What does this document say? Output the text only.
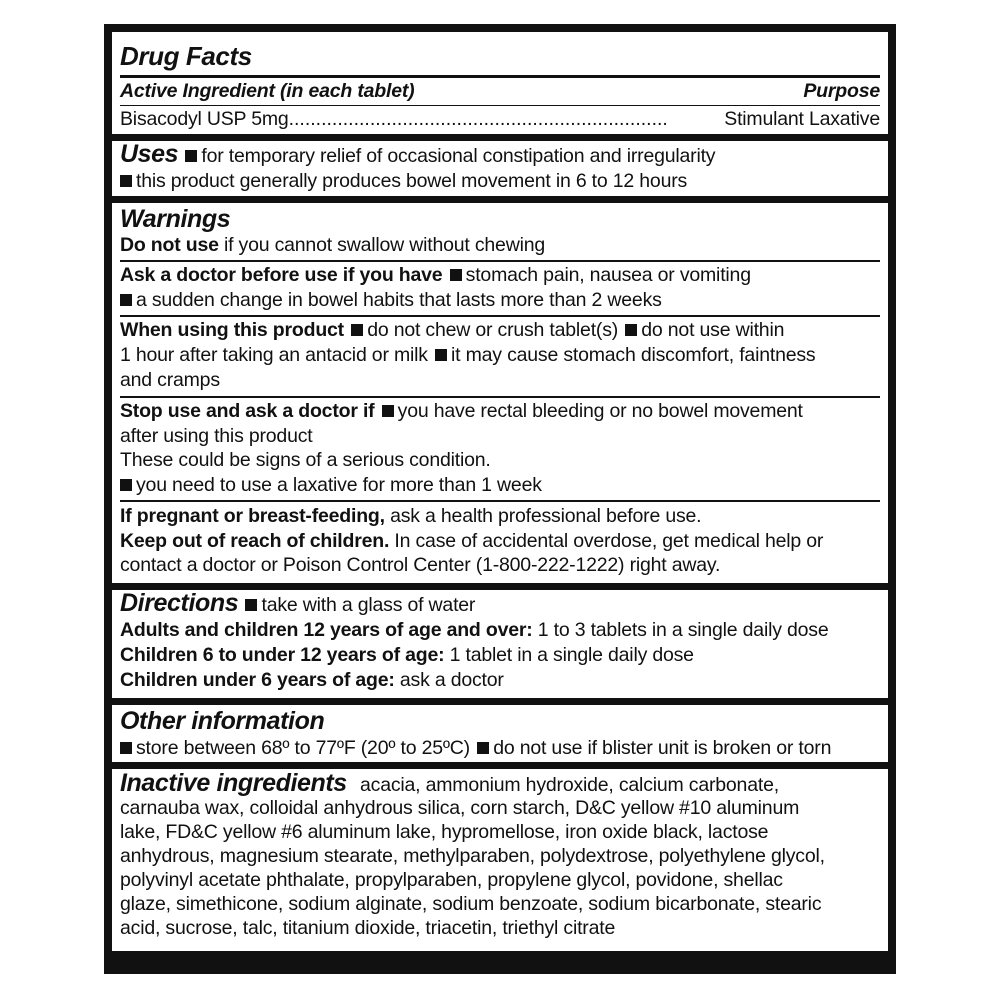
Drug Facts
Active Ingredient (in each tablet)	Purpose
Bisacodyl USP 5mg......................................................................	Stimulant Laxative
Uses for temporary relief of occasional constipation and irregularity
this product generally produces bowel movement in 6 to 12 hours
Warnings
Do not use if you cannot swallow without chewing
Ask a doctor before use if you have stomach pain, nausea or vomiting
a sudden change in bowel habits that lasts more than 2 weeks
When using this product do not chew or crush tablet(s) do not use within
1 hour after taking an antacid or milk it may cause stomach discomfort, faintness
and cramps
Stop use and ask a doctor if you have rectal bleeding or no bowel movement
after using this product
These could be signs of a serious condition.
you need to use a laxative for more than 1 week
If pregnant or breast-feeding, ask a health professional before use.
Keep out of reach of children. In case of accidental overdose, get medical help or
contact a doctor or Poison Control Center (1-800-222-1222) right away.
Directions take with a glass of water
Adults and children 12 years of age and over: 1 to 3 tablets in a single daily dose
Children 6 to under 12 years of age: 1 tablet in a single daily dose
Children under 6 years of age: ask a doctor
Other information
store between 68º to 77ºF (20º to 25ºC) do not use if blister unit is broken or torn
Inactive ingredients acacia, ammonium hydroxide, calcium carbonate,
carnauba wax, colloidal anhydrous silica, corn starch, D&C yellow #10 aluminum
lake, FD&C yellow #6 aluminum lake, hypromellose, iron oxide black, lactose
anhydrous, magnesium stearate, methylparaben, polydextrose, polyethylene glycol,
polyvinyl acetate phthalate, propylparaben, propylene glycol, povidone, shellac
glaze, simethicone, sodium alginate, sodium benzoate, sodium bicarbonate, stearic
acid, sucrose, talc, titanium dioxide, triacetin, triethyl citrate
